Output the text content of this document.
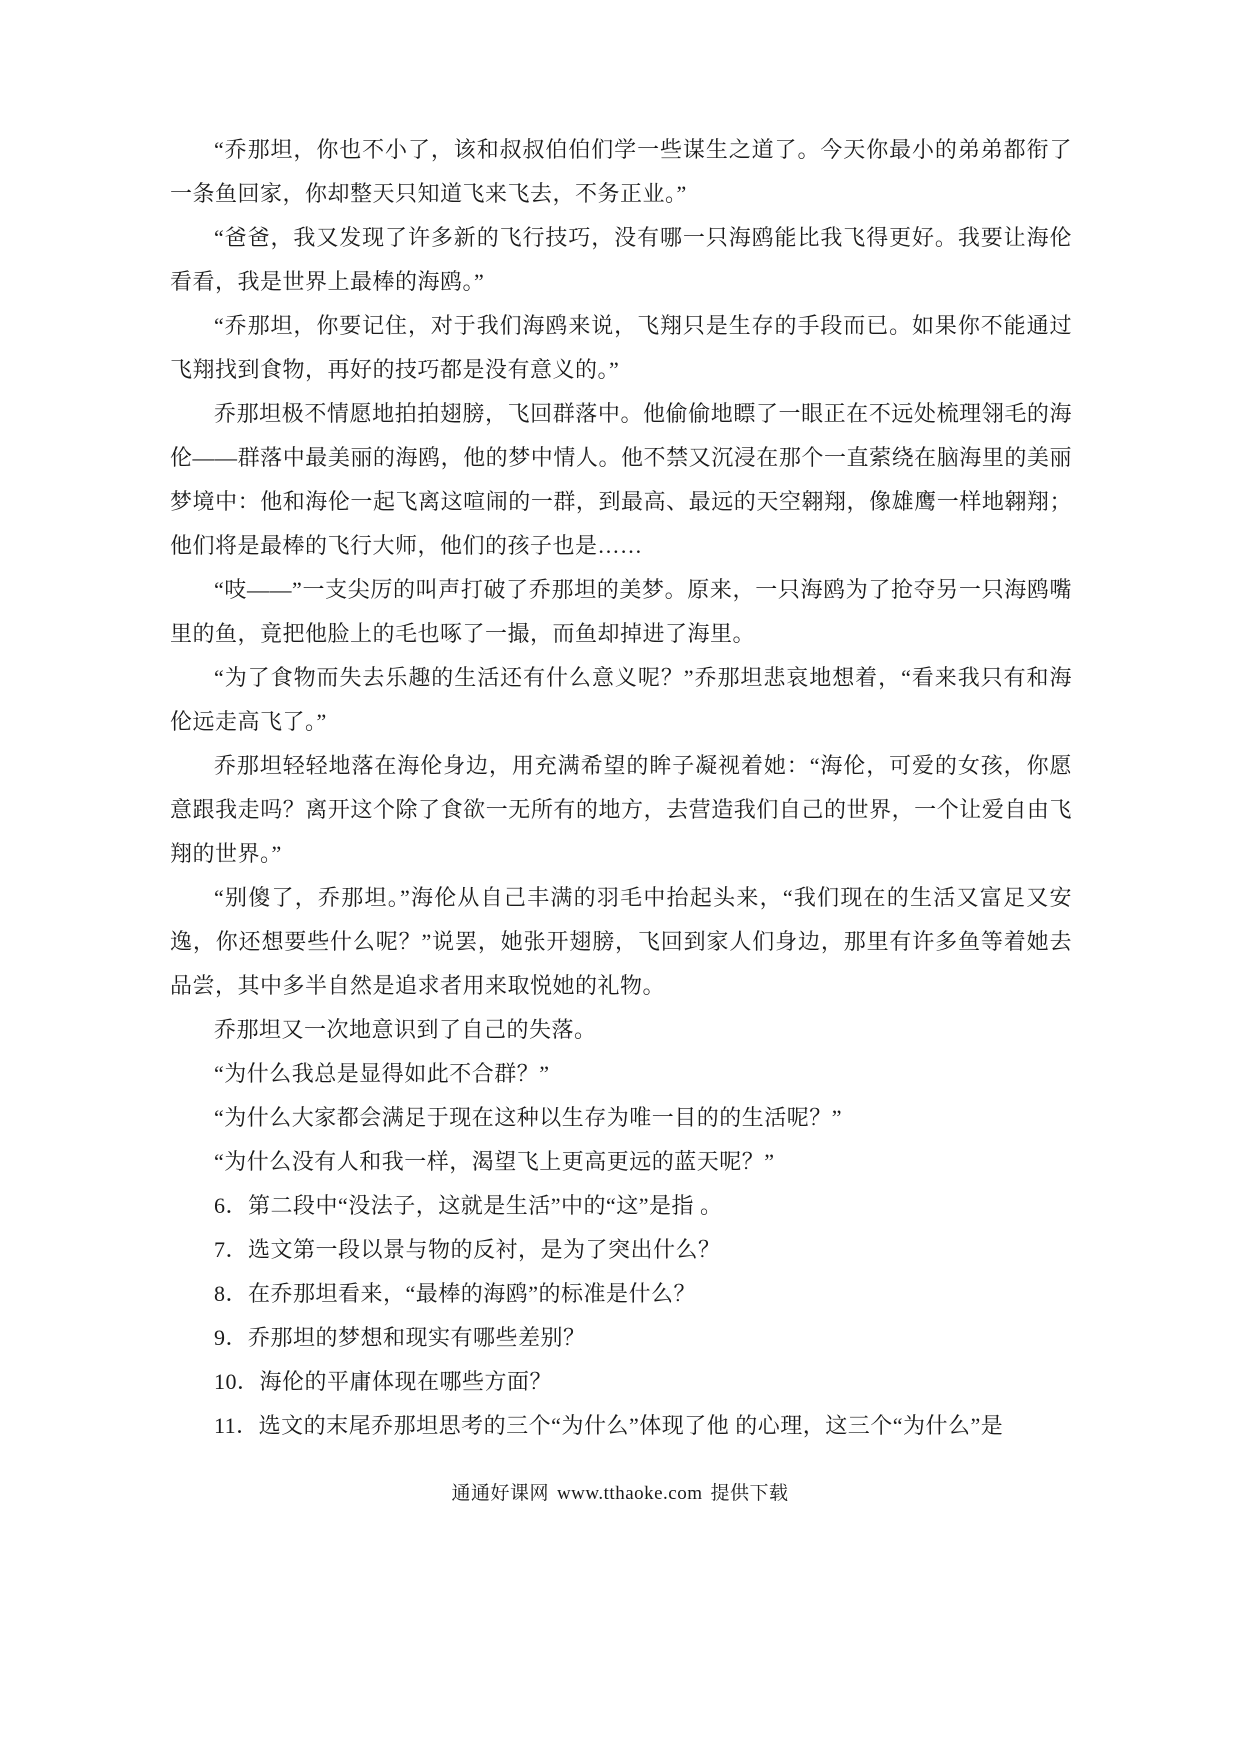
“乔那坦，你也不小了，该和叔叔伯伯们学一些谋生之道了。今天你最小的弟弟都衔了一条鱼回家，你却整天只知道飞来飞去，不务正业。”

“爸爸，我又发现了许多新的飞行技巧，没有哪一只海鸥能比我飞得更好。我要让海伦看看，我是世界上最棒的海鸥。”

“乔那坦，你要记住，对于我们海鸥来说，飞翔只是生存的手段而已。如果你不能通过飞翔找到食物，再好的技巧都是没有意义的。”

乔那坦极不情愿地拍拍翅膀，飞回群落中。他偷偷地瞟了一眼正在不远处梳理翎毛的海伦——群落中最美丽的海鸥，他的梦中情人。他不禁又沉浸在那个一直萦绕在脑海里的美丽梦境中：他和海伦一起飞离这喧闹的一群，到最高、最远的天空翱翔，像雄鹰一样地翱翔；他们将是最棒的飞行大师，他们的孩子也是……

“吱——”一支尖厉的叫声打破了乔那坦的美梦。原来，一只海鸥为了抢夺另一只海鸥嘴里的鱼，竟把他脸上的毛也啄了一撮，而鱼却掉进了海里。

“为了食物而失去乐趣的生活还有什么意义呢？”乔那坦悲哀地想着，“看来我只有和海伦远走高飞了。”

乔那坦轻轻地落在海伦身边，用充满希望的眸子凝视着她：“海伦，可爱的女孩，你愿意跟我走吗？离开这个除了食欲一无所有的地方，去营造我们自己的世界，一个让爱自由飞翔的世界。”

“别傻了，乔那坦。”海伦从自己丰满的羽毛中抬起头来，“我们现在的生活又富足又安逸，你还想要些什么呢？”说罢，她张开翅膀，飞回到家人们身边，那里有许多鱼等着她去品尝，其中多半自然是追求者用来取悦她的礼物。

乔那坦又一次地意识到了自己的失落。

“为什么我总是显得如此不合群？”

“为什么大家都会满足于现在这种以生存为唯一目的的生活呢？”

“为什么没有人和我一样，渴望飞上更高更远的蓝天呢？”

6．第二段中“没法子，这就是生活”中的“这”是指 。

7．选文第一段以景与物的反衬，是为了突出什么？

8．在乔那坦看来，“最棒的海鸥”的标准是什么？

9．乔那坦的梦想和现实有哪些差别？

10．海伦的平庸体现在哪些方面？

11．选文的末尾乔那坦思考的三个“为什么”体现了他 的心理，这三个“为什么”是

通通好课网 www.tthaoke.com 提供下载
